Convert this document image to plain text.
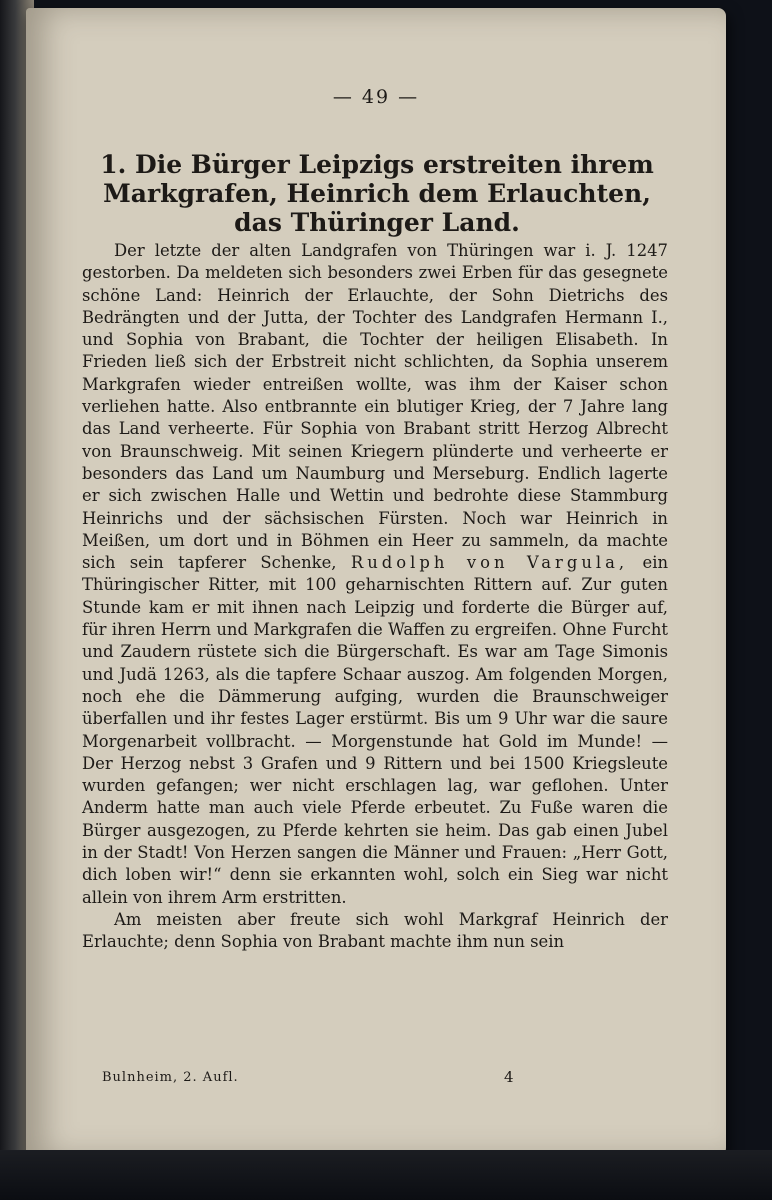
— 49 —
1. Die Bürger Leipzigs erstreiten ihrem Markgrafen, Heinrich dem Erlauchten, das Thüringer Land.

Der letzte der alten Landgrafen von Thüringen war i. J. 1247 gestorben. Da meldeten sich besonders zwei Erben für das gesegnete schöne Land: Heinrich der Erlauchte, der Sohn Dietrichs des Bedrängten und der Jutta, der Tochter des Landgrafen Hermann I., und Sophia von Brabant, die Tochter der heiligen Elisabeth. In Frieden ließ sich der Erbstreit nicht schlichten, da Sophia unserem Markgrafen wieder entreißen wollte, was ihm der Kaiser schon verliehen hatte. Also entbrannte ein blutiger Krieg, der 7 Jahre lang das Land verheerte. Für Sophia von Brabant stritt Herzog Albrecht von Braunschweig. Mit seinen Kriegern plünderte und verheerte er besonders das Land um Naumburg und Merseburg. Endlich lagerte er sich zwischen Halle und Wettin und bedrohte diese Stammburg Heinrichs und der sächsischen Fürsten. Noch war Heinrich in Meißen, um dort und in Böhmen ein Heer zu sammeln, da machte sich sein tapferer Schenke, Rudolph von Vargula, ein Thüringischer Ritter, mit 100 geharnischten Rittern auf. Zur guten Stunde kam er mit ihnen nach Leipzig und forderte die Bürger auf, für ihren Herrn und Markgrafen die Waffen zu ergreifen. Ohne Furcht und Zaudern rüstete sich die Bürgerschaft. Es war am Tage Simonis und Judä 1263, als die tapfere Schaar auszog. Am folgenden Morgen, noch ehe die Dämmerung aufging, wurden die Braunschweiger überfallen und ihr festes Lager erstürmt. Bis um 9 Uhr war die saure Morgenarbeit vollbracht. — Morgenstunde hat Gold im Munde! — Der Herzog nebst 3 Grafen und 9 Rittern und bei 1500 Kriegsleute wurden gefangen; wer nicht erschlagen lag, war geflohen. Unter Anderm hatte man auch viele Pferde erbeutet. Zu Fuße waren die Bürger ausgezogen, zu Pferde kehrten sie heim. Das gab einen Jubel in der Stadt! Von Herzen sangen die Männer und Frauen: „Herr Gott, dich loben wir!“ denn sie erkannten wohl, solch ein Sieg war nicht allein von ihrem Arm erstritten.

Am meisten aber freute sich wohl Markgraf Heinrich der Erlauchte; denn Sophia von Brabant machte ihm nun sein

Bulnheim, 2. Aufl.	4
